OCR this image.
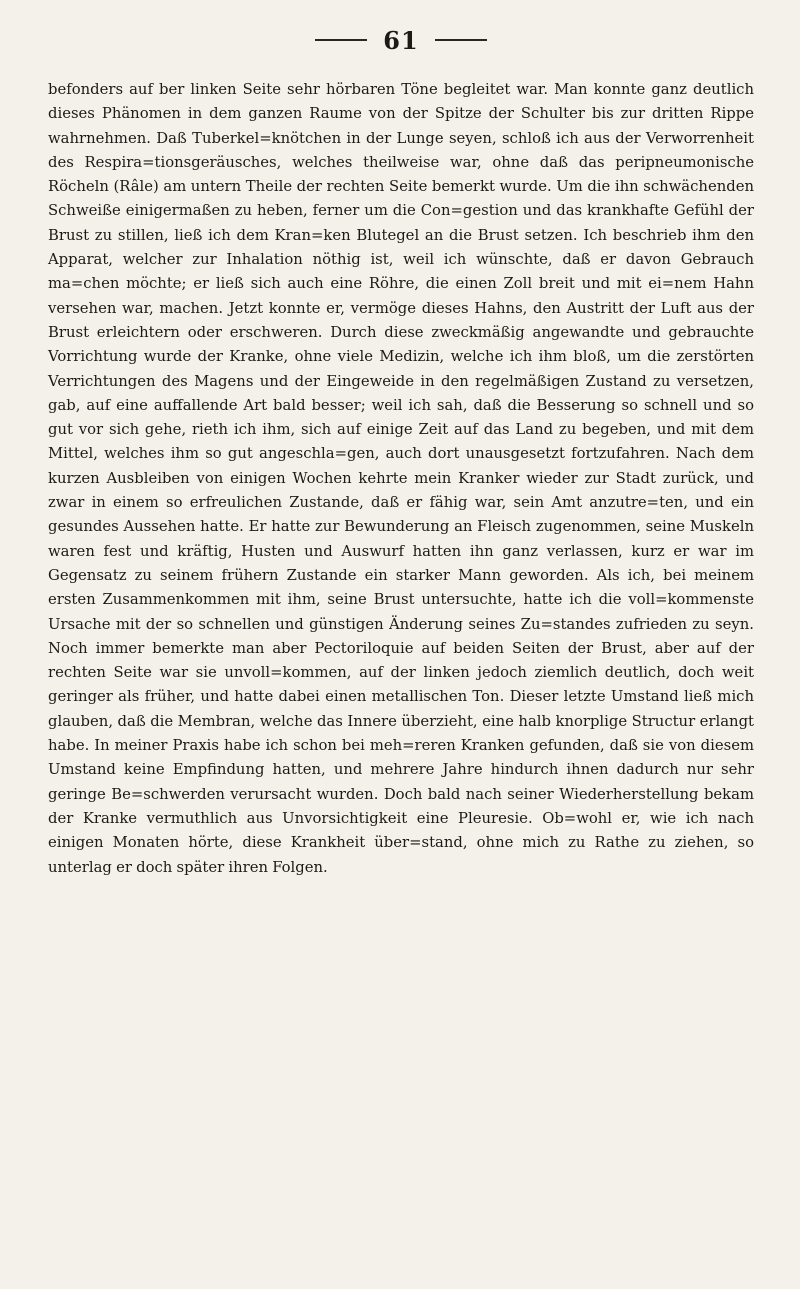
61

befonders auf ber linken Seite sehr hörbaren Töne begleitet war. Man konnte ganz deutlich dieses Phänomen in dem ganzen Raume von der Spitze der Schulter bis zur dritten Rippe wahrnehmen. Daß Tuberkel=knötchen in der Lunge seyen, schloß ich aus der Verworrenheit des Respira=tionsgeräusches, welches theilweise war, ohne daß das peripneumonische Röcheln (Râle) am untern Theile der rechten Seite bemerkt wurde. Um die ihn schwächenden Schweiße einigermaßen zu heben, ferner um die Con=gestion und das krankhafte Gefühl der Brust zu stillen, ließ ich dem Kran=ken Blutegel an die Brust setzen. Ich beschrieb ihm den Apparat, welcher zur Inhalation nöthig ist, weil ich wünschte, daß er davon Gebrauch ma=chen möchte; er ließ sich auch eine Röhre, die einen Zoll breit und mit ei=nem Hahn versehen war, machen. Jetzt konnte er, vermöge dieses Hahns, den Austritt der Luft aus der Brust erleichtern oder erschweren. Durch diese zweckmäßig angewandte und gebrauchte Vorrichtung wurde der Kranke, ohne viele Medizin, welche ich ihm bloß, um die zerstörten Verrichtungen des Magens und der Eingeweide in den regelmäßigen Zustand zu versetzen, gab, auf eine auffallende Art bald besser; weil ich sah, daß die Besserung so schnell und so gut vor sich gehe, rieth ich ihm, sich auf einige Zeit auf das Land zu begeben, und mit dem Mittel, welches ihm so gut angeschla=gen, auch dort unausgesetzt fortzufahren. Nach dem kurzen Ausbleiben von einigen Wochen kehrte mein Kranker wieder zur Stadt zurück, und zwar in einem so erfreulichen Zustande, daß er fähig war, sein Amt anzutre=ten, und ein gesundes Aussehen hatte. Er hatte zur Bewunderung an Fleisch zugenommen, seine Muskeln waren fest und kräftig, Husten und Auswurf hatten ihn ganz verlassen, kurz er war im Gegensatz zu seinem frühern Zustande ein starker Mann geworden. Als ich, bei meinem ersten Zusammenkommen mit ihm, seine Brust untersuchte, hatte ich die voll=kommenste Ursache mit der so schnellen und günstigen Änderung seines Zu=standes zufrieden zu seyn. Noch immer bemerkte man aber Pectoriloquie auf beiden Seiten der Brust, aber auf der rechten Seite war sie unvoll=kommen, auf der linken jedoch ziemlich deutlich, doch weit geringer als früher, und hatte dabei einen metallischen Ton. Dieser letzte Umstand ließ mich glauben, daß die Membran, welche das Innere überzieht, eine halb knorplige Structur erlangt habe. In meiner Praxis habe ich schon bei meh=reren Kranken gefunden, daß sie von diesem Umstand keine Empfindung hatten, und mehrere Jahre hindurch ihnen dadurch nur sehr geringe Be=schwerden verursacht wurden. Doch bald nach seiner Wiederherstellung bekam der Kranke vermuthlich aus Unvorsichtigkeit eine Pleuresie. Ob=wohl er, wie ich nach einigen Monaten hörte, diese Krankheit über=stand, ohne mich zu Rathe zu ziehen, so unterlag er doch später ihren Folgen.
